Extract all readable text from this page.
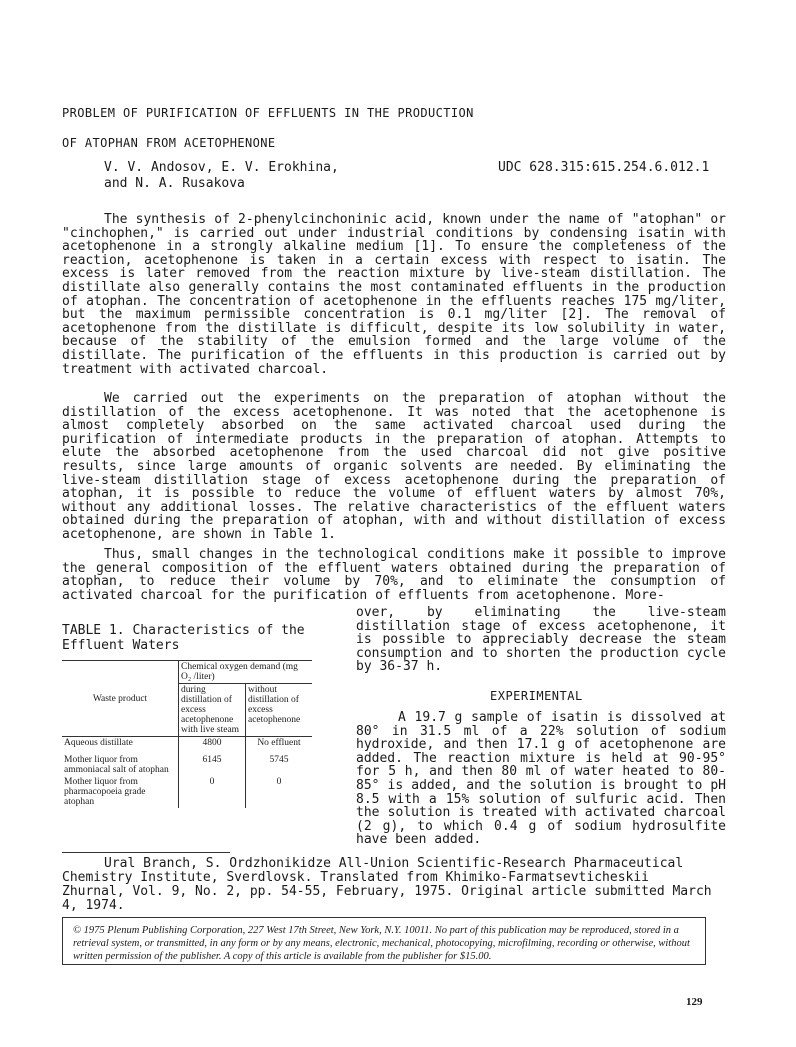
PROBLEM OF PURIFICATION OF EFFLUENTS IN THE PRODUCTION
OF ATOPHAN FROM ACETOPHENONE
V. V. Andosov, E. V. Erokhina,
and N. A. Rusakova
UDC 628.315:615.254.6.012.1

The synthesis of 2-phenylcinchoninic acid, known under the name of "atophan" or "cinchophen," is carried out under industrial conditions by condensing isatin with acetophenone in a strongly alkaline medium [1]. To ensure the completeness of the reaction, acetophenone is taken in a certain excess with respect to isatin. The excess is later removed from the reaction mixture by live-steam distillation. The distillate also generally contains the most contaminated effluents in the production of atophan. The concentration of acetophenone in the effluents reaches 175 mg/liter, but the maximum permissible concentration is 0.1 mg/liter [2]. The removal of acetophenone from the distillate is difficult, despite its low solubility in water, because of the stability of the emulsion formed and the large volume of the distillate. The purification of the effluents in this production is carried out by treatment with activated charcoal.

We carried out the experiments on the preparation of atophan without the distillation of the excess acetophenone. It was noted that the acetophenone is almost completely absorbed on the same activated charcoal used during the purification of intermediate products in the preparation of atophan. Attempts to elute the absorbed acetophenone from the used charcoal did not give positive results, since large amounts of organic solvents are needed. By eliminating the live-steam distillation stage of excess acetophenone during the preparation of atophan, it is possible to reduce the volume of effluent waters by almost 70%, without any additional losses. The relative characteristics of the effluent waters obtained during the preparation of atophan, with and without distillation of excess acetophenone, are shown in Table 1.

Thus, small changes in the technological conditions make it possible to improve the general composition of the effluent waters obtained during the preparation of atophan, to reduce their volume by 70%, and to eliminate the consumption of activated charcoal for the purification of effluents from acetophenone. More-

over, by eliminating the live-steam distillation stage of excess acetophenone, it is possible to appreciably decrease the steam consumption and to shorten the production cycle by 36-37 h.

TABLE 1. Characteristics of the
Effluent Waters
Waste product	Chemical oxygen demand (mg O₂ /liter)	
	during distillation of excess acetophenone with live steam	without distillation of excess acetophenone
Aqueous distillate	4800	No effluent
Mother liquor from ammoniacal salt of atophan	6145	5745
Mother liquor from pharmacopoeia grade atophan	0	0
EXPERIMENTAL

A 19.7 g sample of isatin is dissolved at 80° in 31.5 ml of a 22% solution of sodium hydroxide, and then 17.1 g of acetophenone are added. The reaction mixture is held at 90-95° for 5 h, and then 80 ml of water heated to 80-85° is added, and the solution is brought to pH 8.5 with a 15% solution of sulfuric acid. Then the solution is treated with activated charcoal (2 g), to which 0.4 g of sodium hydrosulfite have been added.

Ural Branch, S. Ordzhonikidze All-Union Scientific-Research Pharmaceutical Chemistry Institute, Sverdlovsk. Translated from Khimiko-Farmatsevticheskii Zhurnal, Vol. 9, No. 2, pp. 54-55, February, 1975. Original article submitted March 4, 1974.

© 1975 Plenum Publishing Corporation, 227 West 17th Street, New York, N.Y. 10011. No part of this publication may be reproduced, stored in a retrieval system, or transmitted, in any form or by any means, electronic, mechanical, photocopying, microfilming, recording or otherwise, without written permission of the publisher. A copy of this article is available from the publisher for $15.00.
129
